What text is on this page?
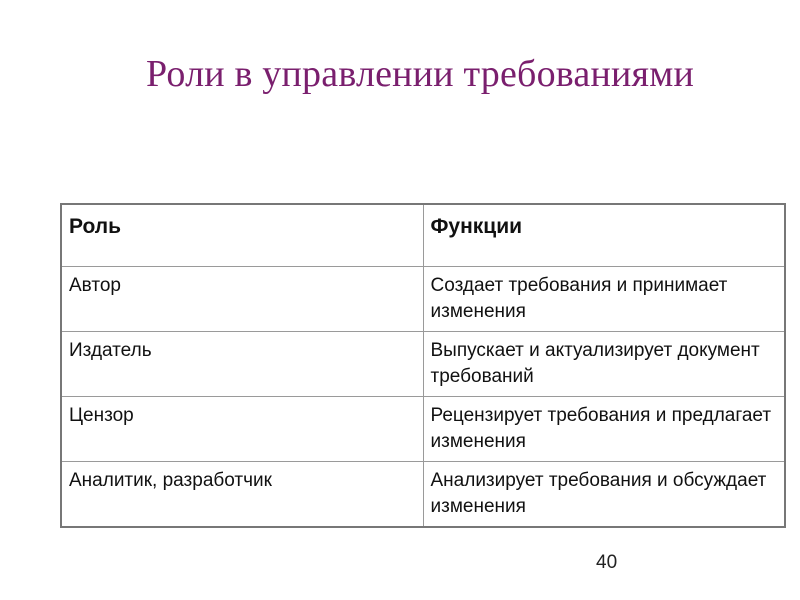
Роли в управлении требованиями
Роль	Функции
Автор	Создает требования и принимает изменения
Издатель	Выпускает и актуализирует документ требований
Цензор	Рецензирует требования и предлагает изменения
Аналитик, разработчик	Анализирует требования и обсуждает изменения
40
